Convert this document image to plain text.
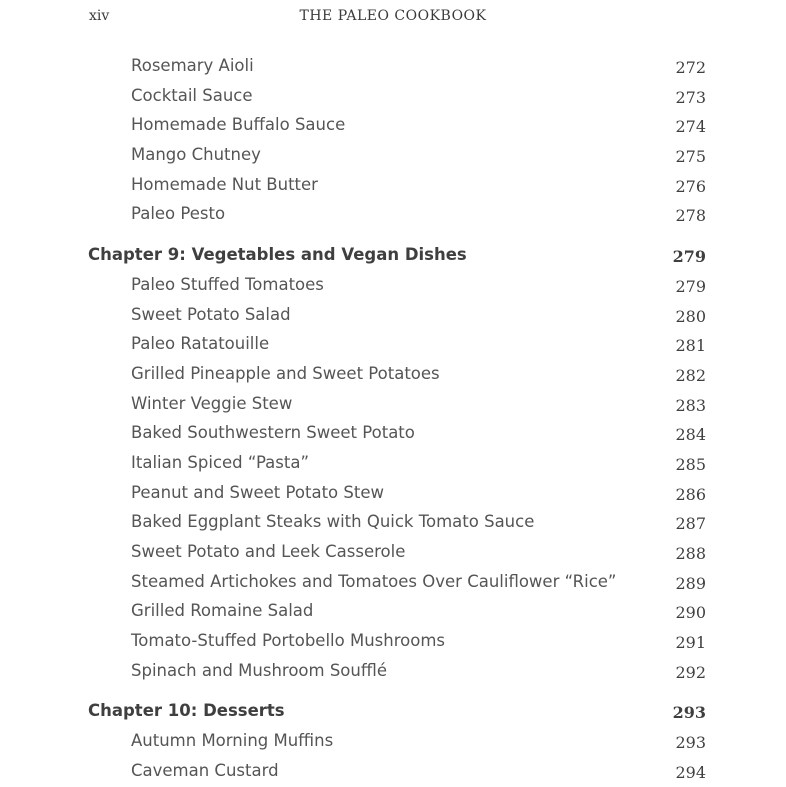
xiv	THE PALEO COOKBOOK
Rosemary Aioli	272
Cocktail Sauce	273
Homemade Buffalo Sauce	274
Mango Chutney	275
Homemade Nut Butter	276
Paleo Pesto	278
Chapter 9: Vegetables and Vegan Dishes	279
Paleo Stuffed Tomatoes	279
Sweet Potato Salad	280
Paleo Ratatouille	281
Grilled Pineapple and Sweet Potatoes	282
Winter Veggie Stew	283
Baked Southwestern Sweet Potato	284
Italian Spiced “Pasta”	285
Peanut and Sweet Potato Stew	286
Baked Eggplant Steaks with Quick Tomato Sauce	287
Sweet Potato and Leek Casserole	288
Steamed Artichokes and Tomatoes Over Cauliflower “Rice”	289
Grilled Romaine Salad	290
Tomato-Stuffed Portobello Mushrooms	291
Spinach and Mushroom Soufflé	292
Chapter 10: Desserts	293
Autumn Morning Muffins	293
Caveman Custard	294
